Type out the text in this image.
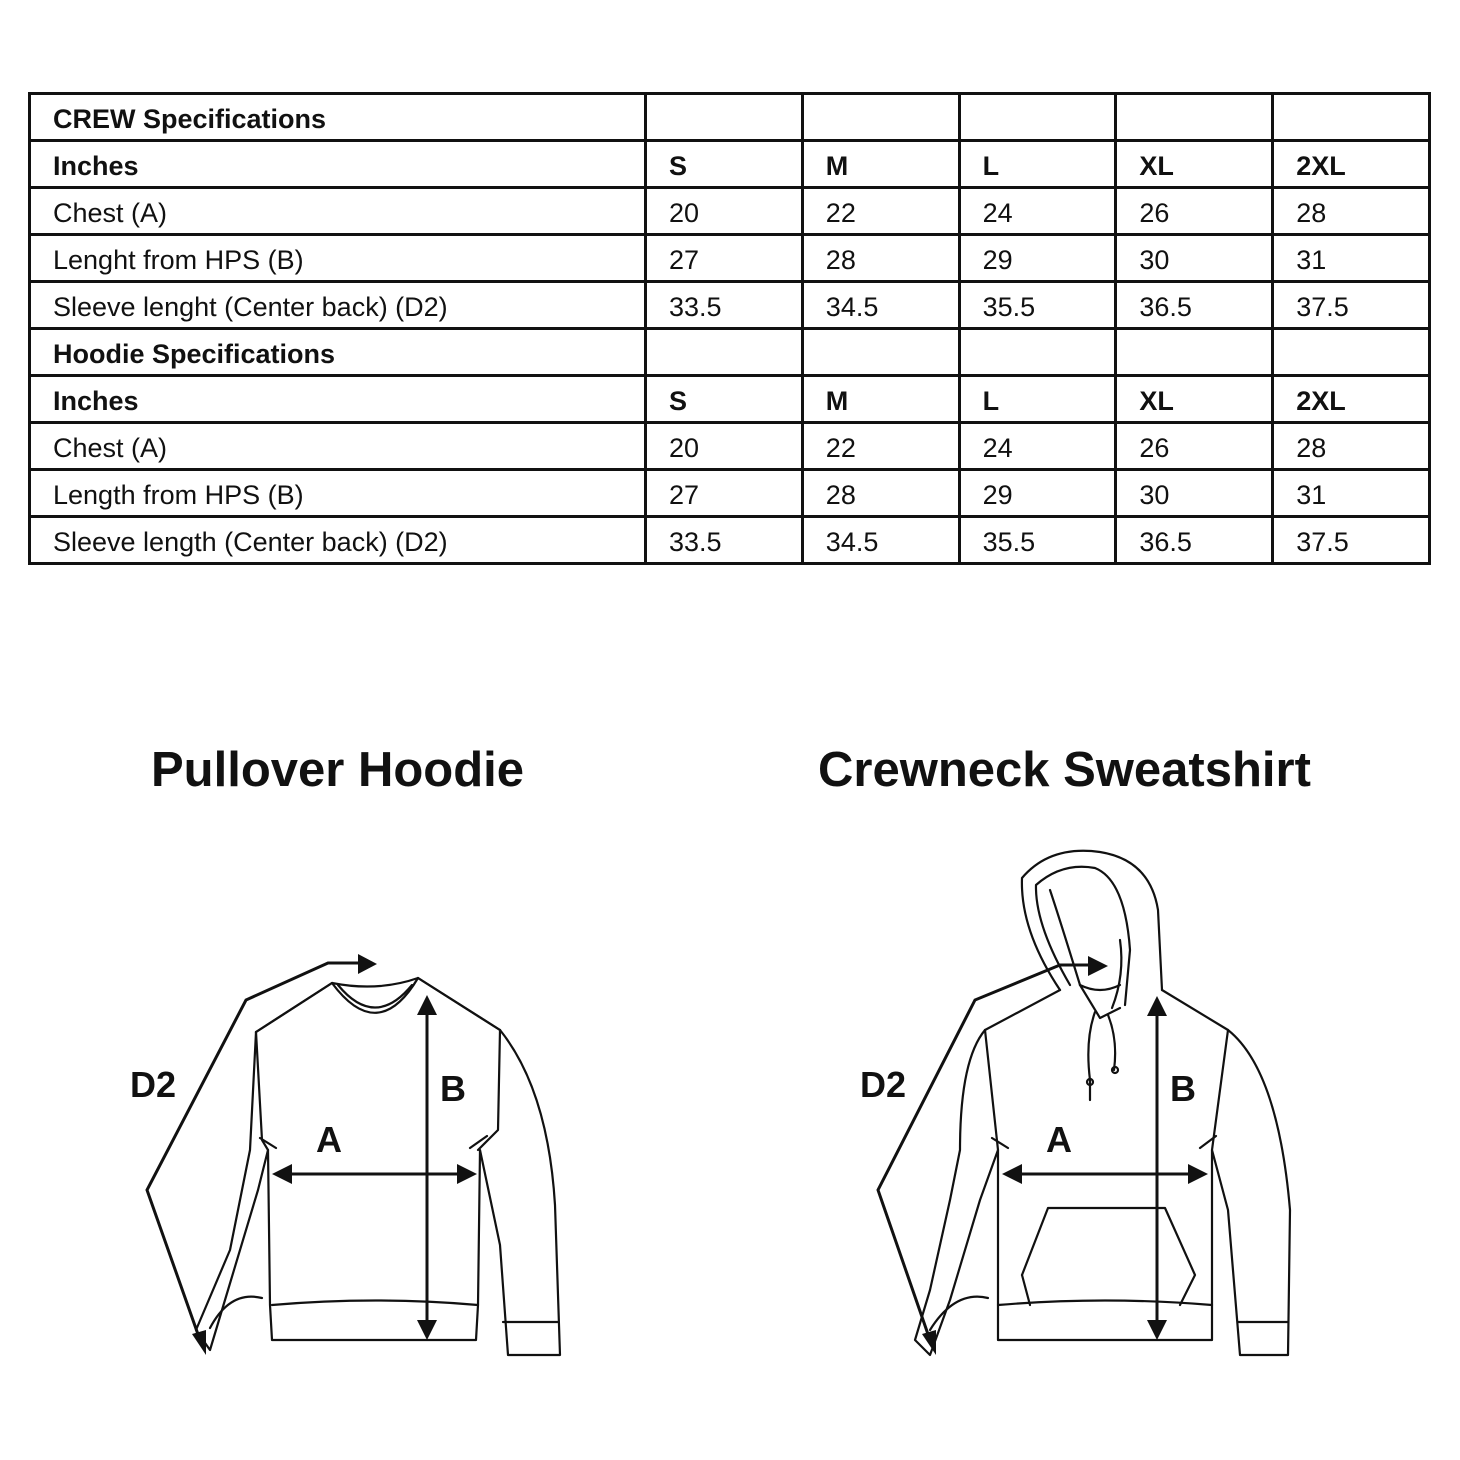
CREW Specifications					
Inches	S	M	L	XL	2XL
Chest (A)	20	22	24	26	28
Lenght from HPS (B)	27	28	29	30	31
Sleeve lenght (Center back) (D2)	33.5	34.5	35.5	36.5	37.5
Hoodie Specifications					
Inches	S	M	L	XL	2XL
Chest (A)	20	22	24	26	28
Length from HPS (B)	27	28	29	30	31
Sleeve length (Center back) (D2)	33.5	34.5	35.5	36.5	37.5
Pullover Hoodie	Crewneck Sweatshirt
D2	B
A
D2	B
A
